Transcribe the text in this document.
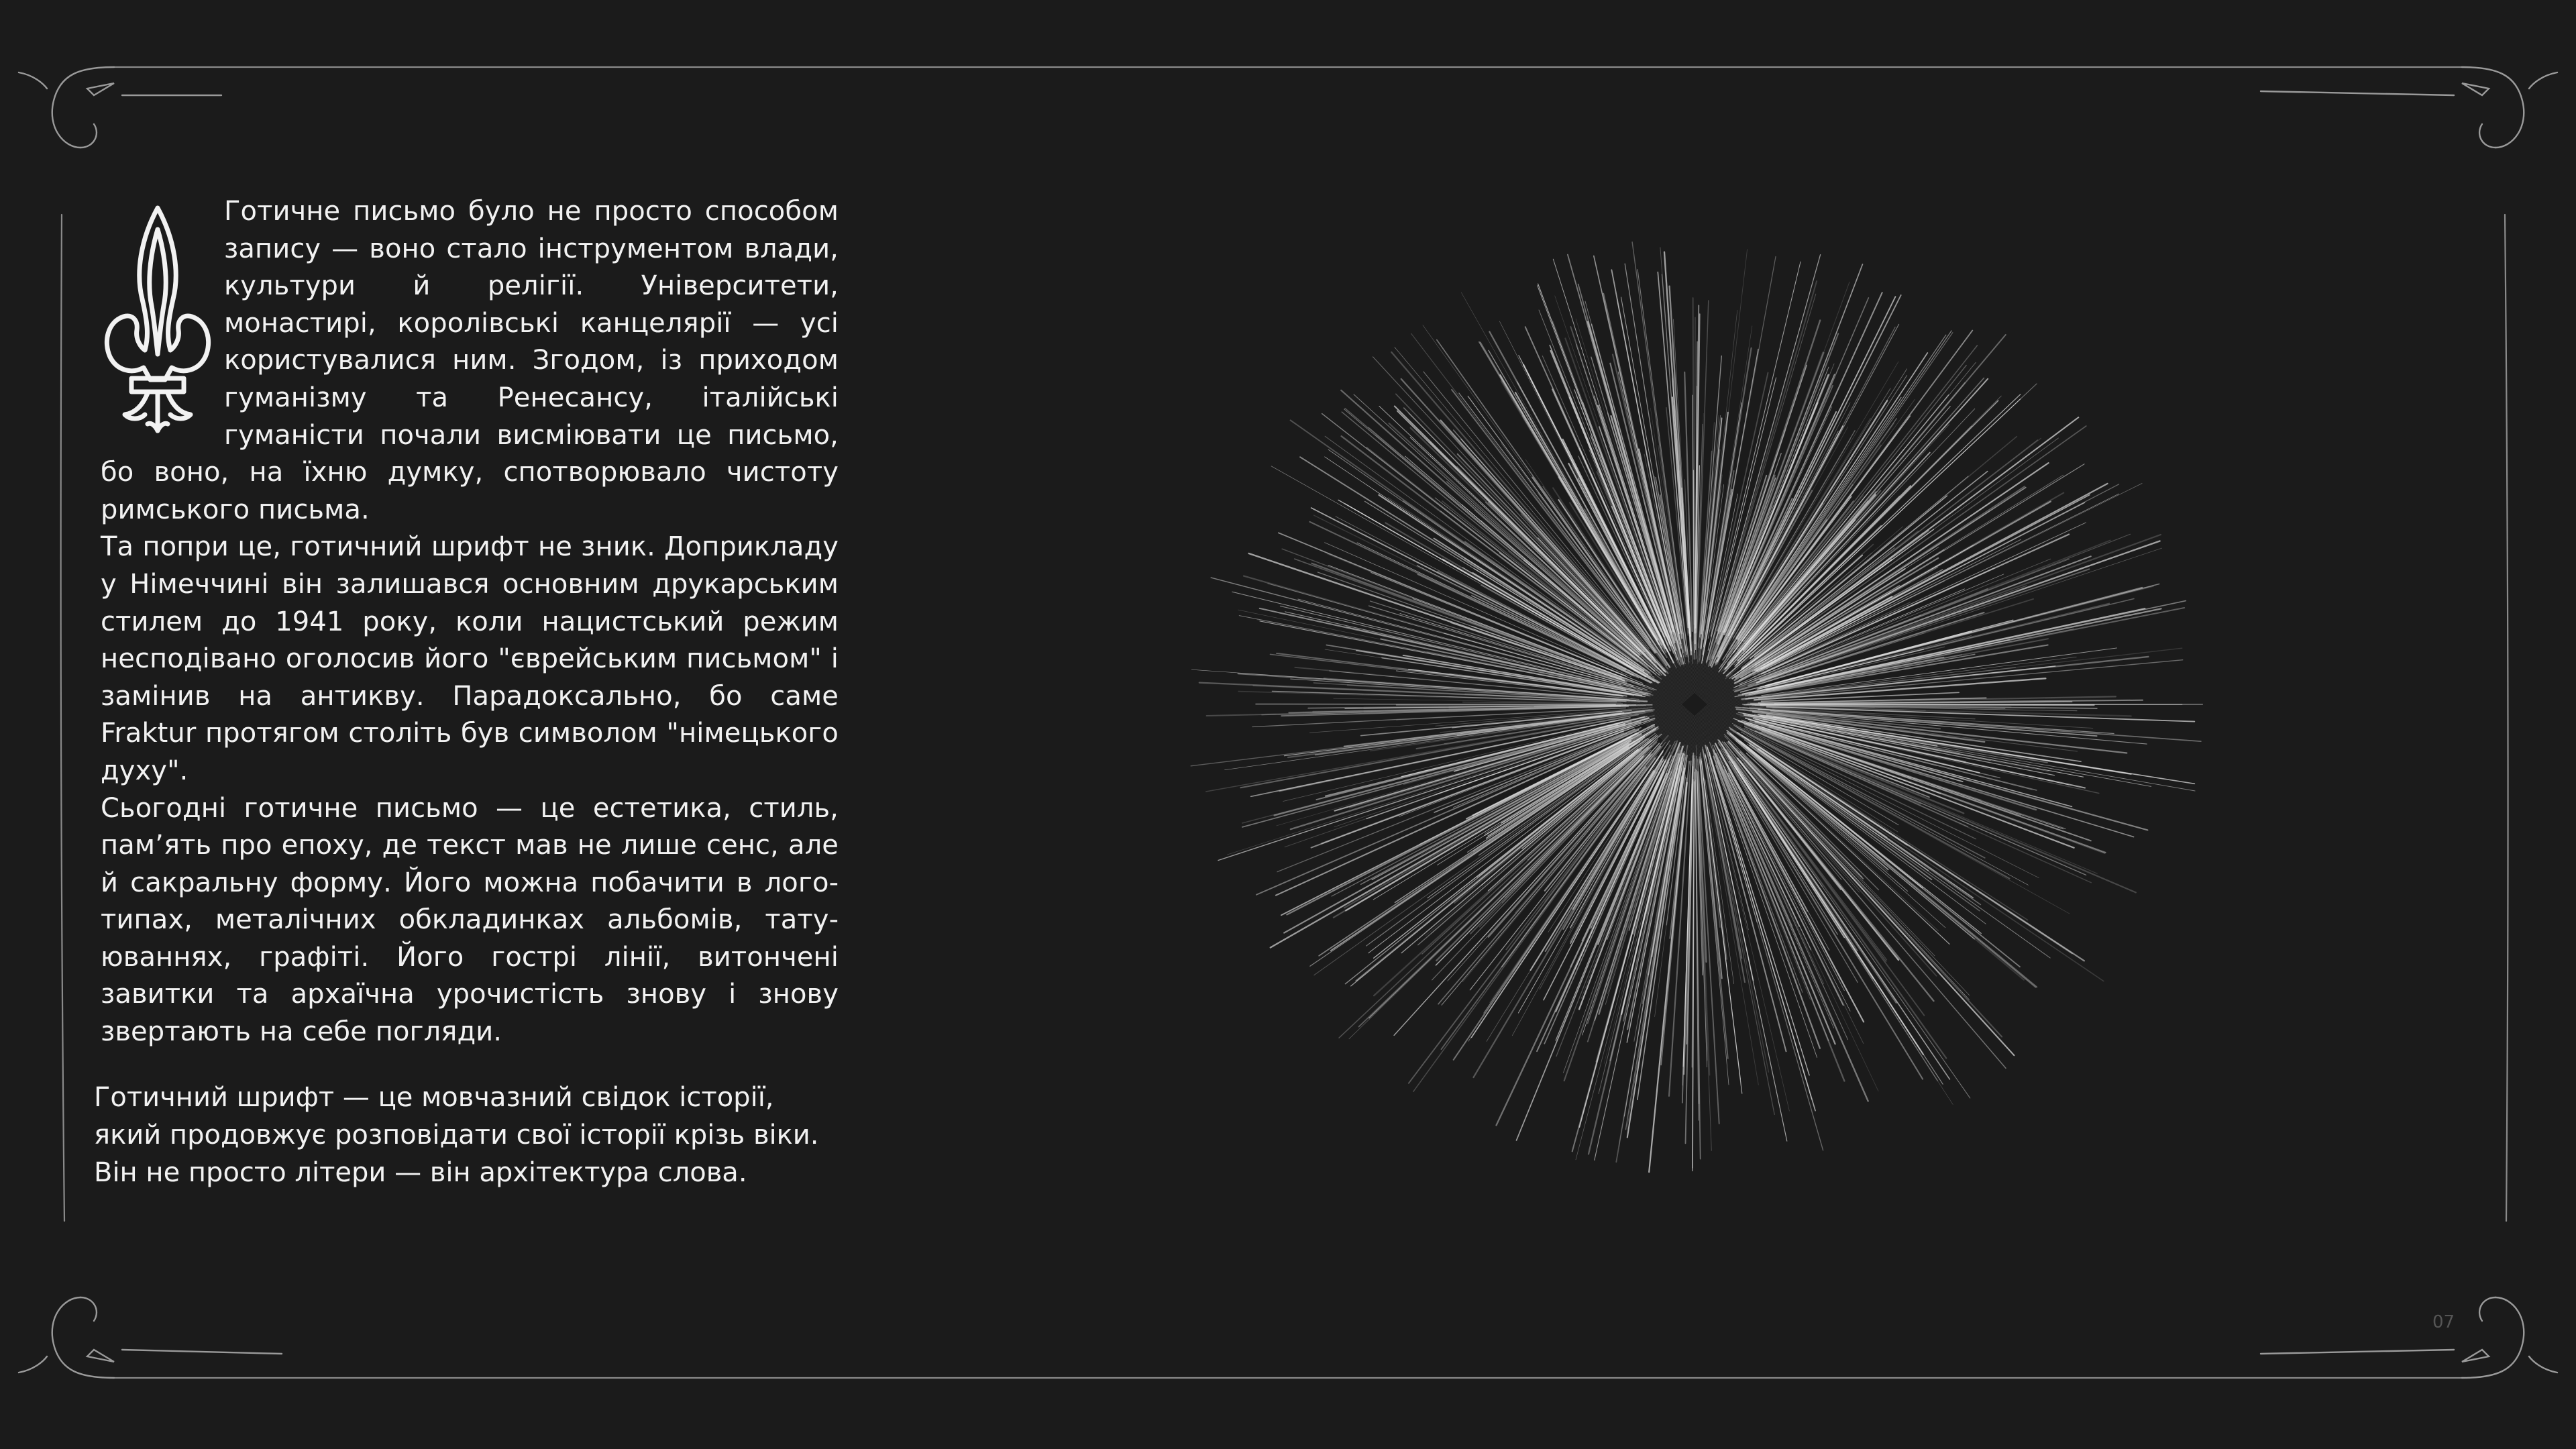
Готичне письмо було не просто способом запису — воно стало інструментом влади, культури й релігії. Університети, монастирі, королівські канцелярії — усі користувалися ним. Згодом, із приходом гуманізму та Ренесансу, італійські гуманісти почали висміювати це письмо, бо воно, на їхню думку, спотворювало чистоту римського письма.

Та попри це, готичний шрифт не зник. Доприкладу у Німеччині він залишався основним друкарським стилем до 1941 року, коли нацистський режим несподівано оголосив його "єврейським письмом" і замінив на антикву. Парадоксально, бо саме Fraktur протягом століть був символом "німецького духу".

Сьогодні готичне письмо — це естетика, стиль, пам’ять про епоху, де текст мав не лише сенс, але й сакральну форму. Його можна побачити в логотипах, металічних обкладинках альбомів, татуюваннях, графіті. Його гострі лінії, витончені завитки та архаїчна урочистість знову і знову звертають на себе погляди.

Готичний шрифт — це мовчазний свідок історії,
який продовжує розповідати свої історії крізь віки.
Він не просто літери — він архітектура слова.
07
